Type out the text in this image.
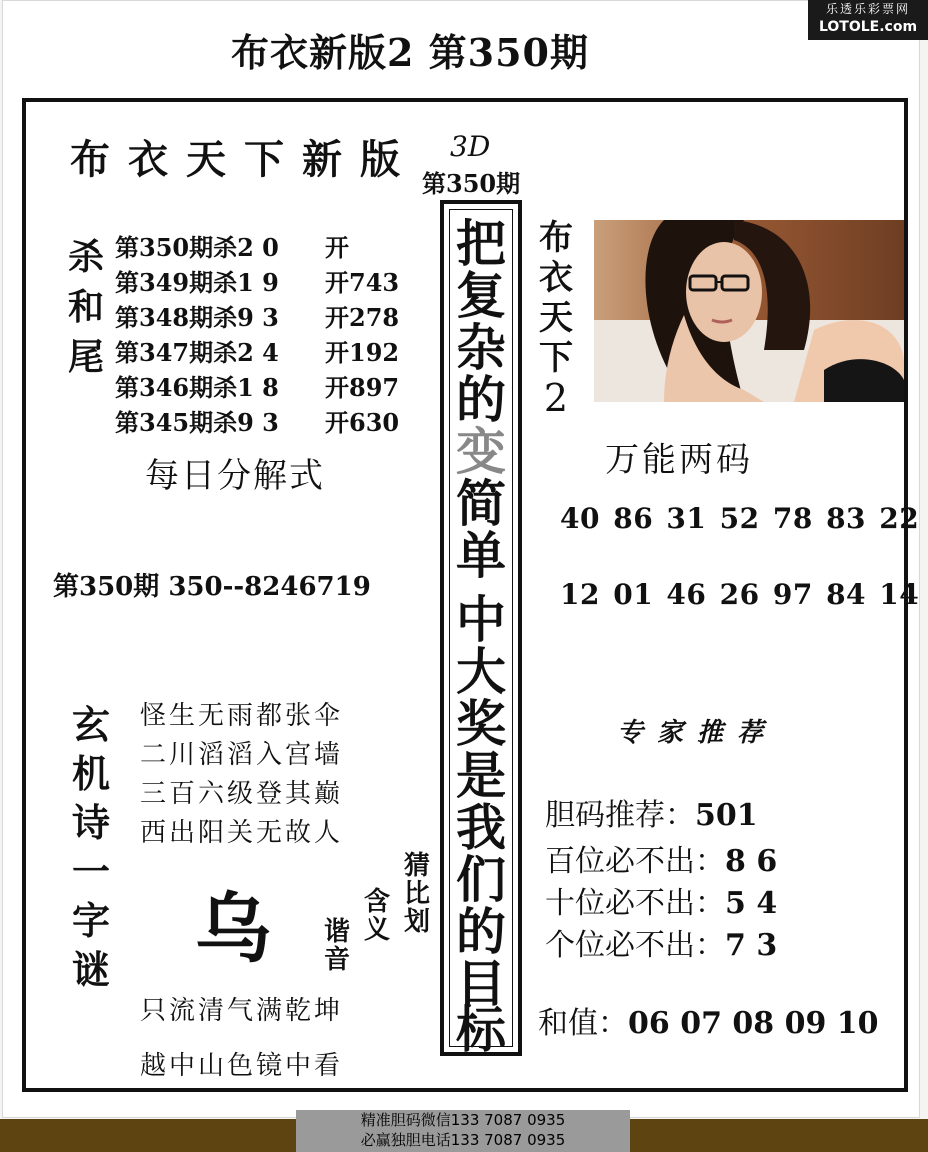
布衣新版2 第350期
乐透乐彩票网
LOTOLE.com
布衣天下新版 3D
第350期
杀
和
尾
第350期杀2 0 开
第349期杀1 9 开743
第348期杀9 3 开278
第347期杀2 4 开192
第346期杀1 8 开897
第345期杀9 3 开630
每日分解式
第350期 350--8246719
玄
机
诗
一
字
谜
怪生无雨都张伞
二川滔滔入宫墙
三百六级登其巅
西出阳关无故人
乌 谐
音
含
义
猜
比
划
只流清气满乾坤
越中山色镜中看
把
复
杂
的
变
简
单
中
大
奖
是
我
们
的
目
标
布
衣
天
下
2
万能两码
40 86 31 52 78 83 22
12 01 46 26 97 84 14
专家推荐
胆码推荐：501
百位必不出：8 6
十位必不出：5 4
个位必不出：7 3
和值：06 07 08 09 10
精准胆码微信133 7087 0935
必赢独胆电话133 7087 0935
